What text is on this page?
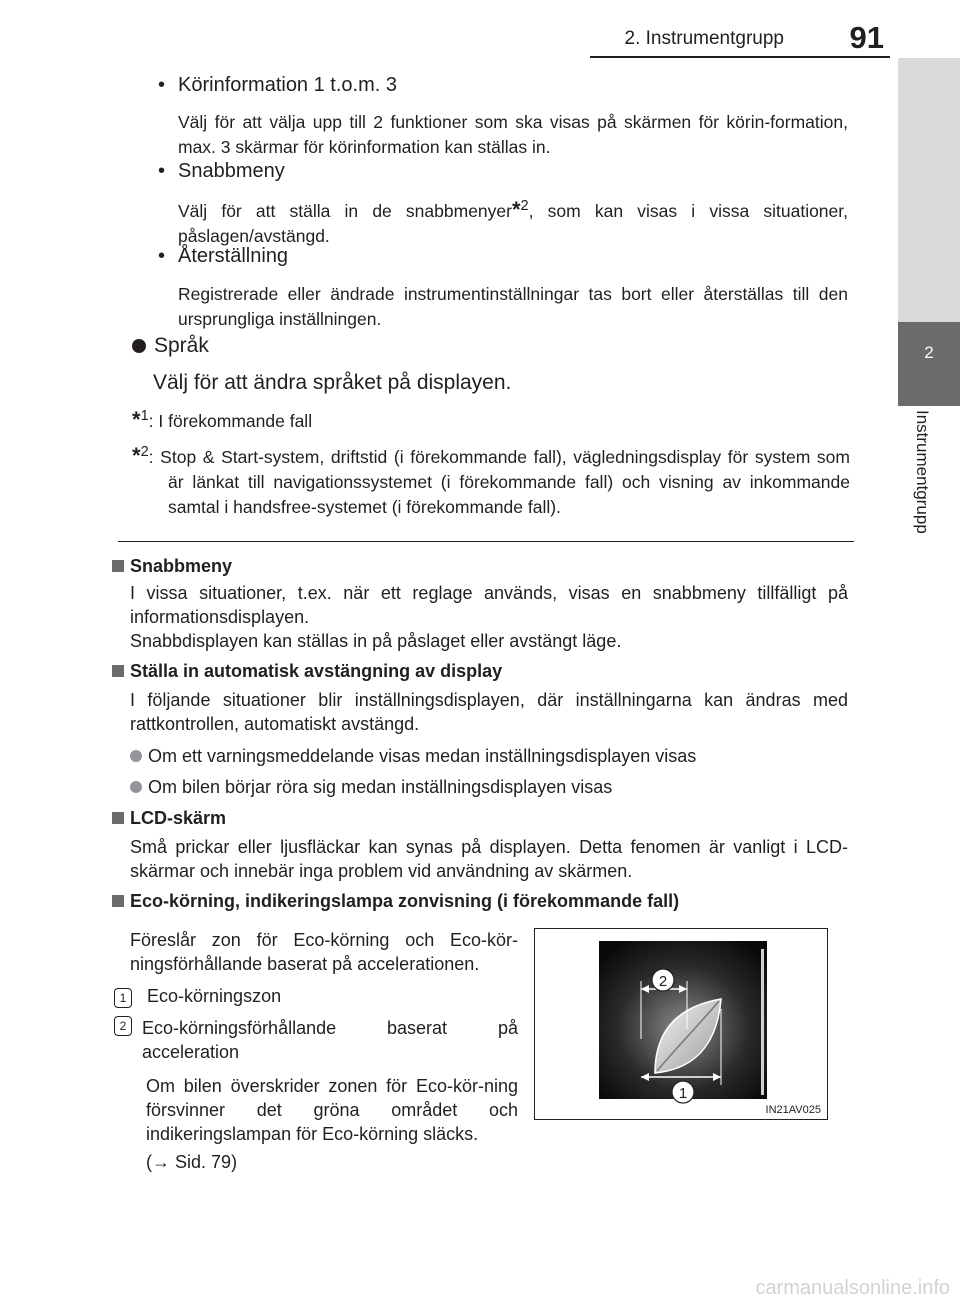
2. Instrumentgrupp 91
2
Instrumentgrupp
• Körinformation 1 t.o.m. 3
Välj för att välja upp till 2 funktioner som ska visas på skärmen för körin-formation, max. 3 skärmar för körinformation kan ställas in.
• Snabbmeny
Välj för att ställa in de snabbmenyer*$^2$, som kan visas i vissa situationer, påslagen/avstängd.
• Återställning
Registrerade eller ändrade instrumentinställningar tas bort eller återställas till den ursprungliga inställningen.
Språk
Välj för att ändra språket på displayen.
*$^1$: I förekommande fall
*$^2$: Stop & Start-system, driftstid (i förekommande fall), vägledningsdisplay för system som är länkat till navigationssystemet (i förekommande fall) och visning av inkommande samtal i handsfree-systemet (i förekommande fall).
Snabbmeny
I vissa situationer, t.ex. när ett reglage används, visas en snabbmeny tillfälligt på informationsdisplayen.
Snabbdisplayen kan ställas in på påslaget eller avstängt läge.
Ställa in automatisk avstängning av display
I följande situationer blir inställningsdisplayen, där inställningarna kan ändras med rattkontrollen, automatiskt avstängd.
Om ett varningsmeddelande visas medan inställningsdisplayen visas
Om bilen börjar röra sig medan inställningsdisplayen visas
LCD-skärm
Små prickar eller ljusfläckar kan synas på displayen. Detta fenomen är vanligt i LCD-skärmar och innebär inga problem vid användning av skärmen.
Eco-körning, indikeringslampa zonvisning (i förekommande fall)
Föreslår zon för Eco-körning och Eco-kör-ningsförhållande baserat på accelerationen.
1 Eco-körningszon
2 Eco-körningsförhållande baserat på acceleration
Om bilen överskrider zonen för Eco-kör-ning försvinner det gröna området och indikeringslampan för Eco-körning släcks.
(→ Sid. 79)
2
1
IN21AV025
carmanualsonline.info
